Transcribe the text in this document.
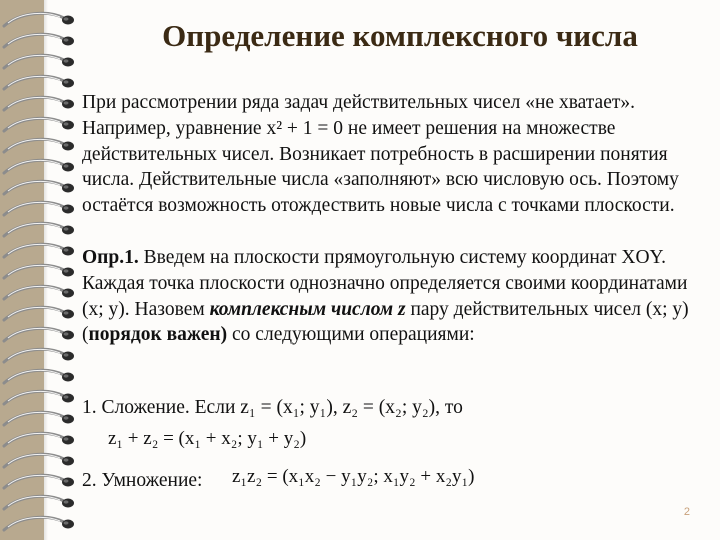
Определение комплексного числа

При рассмотрении ряда задач действительных чисел «не хватает». Например, уравнение x² + 1 = 0 не имеет решения на множестве действительных чисел. Возникает потребность в расширении понятия числа. Действительные числа «заполняют» всю числовую ось. Поэтому остаётся возможность отождествить новые числа с точками плоскости.

Опр.1. Введем на плоскости прямоугольную систему координат XOY. Каждая точка плоскости однозначно определяется своими координатами (x; y). Назовем комплексным числом z пару действительных чисел (x; y) (порядок важен) со следующими операциями:

1. Сложение. Если z₁ = (x₁; y₁), z₂ = (x₂; y₂), то

z₁ + z₂ = (x₁ + x₂; y₁ + y₂)

2. Умножение:	z₁z₂ = (x₁x₂ − y₁y₂; x₁y₂ + x₂y₁)
2
